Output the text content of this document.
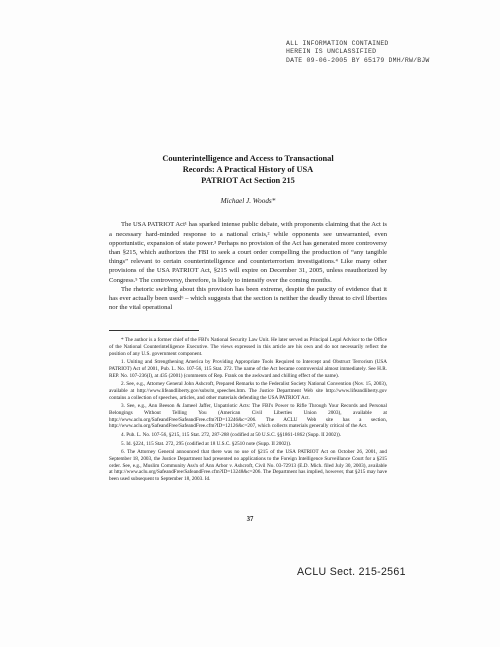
ALL INFORMATION CONTAINED
HEREIN IS UNCLASSIFIED
DATE 09-06-2005 BY 65179 DMH/RW/BJW
Counterintelligence and Access to Transactional
Records: A Practical History of USA
PATRIOT Act Section 215
Michael J. Woods*

The USA PATRIOT Act¹ has sparked intense public debate, with proponents claiming that the Act is a necessary hard-minded response to a national crisis,² while opponents see unwarranted, even opportunistic, expansion of state power.³ Perhaps no provision of the Act has generated more controversy than §215, which authorizes the FBI to seek a court order compelling the production of “any tangible things” relevant to certain counterintelligence and counterterrorism investigations.⁴ Like many other provisions of the USA PATRIOT Act, §215 will expire on December 31, 2005, unless reauthorized by Congress.⁵ The controversy, therefore, is likely to intensify over the coming months.

The rhetoric swirling about this provision has been extreme, despite the paucity of evidence that it has ever actually been used⁶ – which suggests that the section is neither the deadly threat to civil liberties nor the vital operational

* The author is a former chief of the FBI's National Security Law Unit. He later served as Principal Legal Advisor to the Office of the National Counterintelligence Executive. The views expressed in this article are his own and do not necessarily reflect the position of any U.S. government component.

1. Uniting and Strengthening America by Providing Appropriate Tools Required to Intercept and Obstruct Terrorism (USA PATRIOT) Act of 2001, Pub. L. No. 107-56, 115 Stat. 272. The name of the Act became controversial almost immediately. See H.R. REP. No. 107-236(I), at 435 (2001) (comments of Rep. Frank on the awkward and chilling effect of the name).

2. See, e.g., Attorney General John Ashcroft, Prepared Remarks to the Federalist Society National Convention (Nov. 15, 2003), available at http://www.lifeandliberty.gov/subs/m_speeches.htm. The Justice Department Web site http://www.lifeandliberty.gov contains a collection of speeches, articles, and other materials defending the USA PATRIOT Act.

3. See, e.g., Ann Beeson & Jameel Jaffer, Unpatriotic Acts: The FBI's Power to Rifle Through Your Records and Personal Belongings Without Telling You (American Civil Liberties Union 2003), available at http://www.aclu.org/SafeandFree/SafeandFree.cfm?ID=13246&c=206. The ACLU Web site has a section, http://www.aclu.org/SafeandFree/SafeandFree.cfm?ID=12126&c=207, which collects materials generally critical of the Act.

4. Pub. L. No. 107-56, §215, 115 Stat. 272, 287-288 (codified at 50 U.S.C. §§1861-1862 (Supp. II 2002)).

5. Id. §224, 115 Stat. 272, 295 (codified at 18 U.S.C. §2510 note (Supp. II 2002)).

6. The Attorney General announced that there was no use of §215 of the USA PATRIOT Act on October 26, 2001, and September 18, 2003, the Justice Department had presented no applications to the Foreign Intelligence Surveillance Court for a §215 order. See, e.g., Muslim Community Ass'n of Ann Arbor v. Ashcroft, Civil No. 03-72913 (E.D. Mich. filed July 30, 2003), available at http://www.aclu.org/SafeandFree/SafeandFree.cfm?ID=13248&c=206. The Department has implied, however, that §215 may have been used subsequent to September 18, 2003. Id.

37
ACLU Sect. 215-2561
